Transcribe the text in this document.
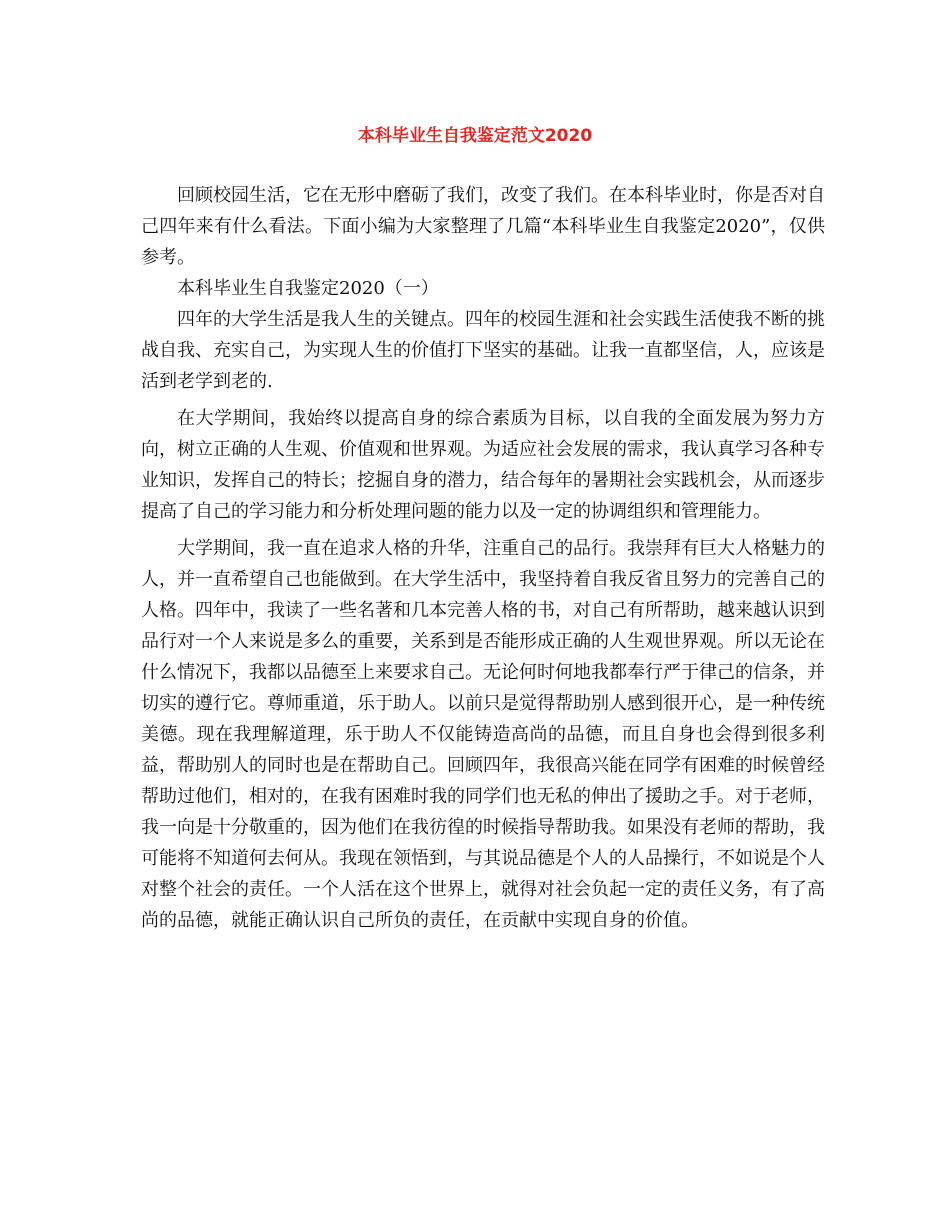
本科毕业生自我鉴定范文2020

回顾校园生活，它在无形中磨砺了我们，改变了我们。在本科毕业时，你是否对自己四年来有什么看法。下面小编为大家整理了几篇“本科毕业生自我鉴定2020”，仅供参考。

本科毕业生自我鉴定2020（一）

四年的大学生活是我人生的关键点。四年的校园生涯和社会实践生活使我不断的挑战自我、充实自己，为实现人生的价值打下坚实的基础。让我一直都坚信，人，应该是活到老学到老的.

在大学期间，我始终以提高自身的综合素质为目标，以自我的全面发展为努力方向，树立正确的人生观、价值观和世界观。为适应社会发展的需求，我认真学习各种专业知识，发挥自己的特长；挖掘自身的潜力，结合每年的暑期社会实践机会，从而逐步提高了自己的学习能力和分析处理问题的能力以及一定的协调组织和管理能力。

大学期间，我一直在追求人格的升华，注重自己的品行。我崇拜有巨大人格魅力的人，并一直希望自己也能做到。在大学生活中，我坚持着自我反省且努力的完善自己的人格。四年中，我读了一些名著和几本完善人格的书，对自己有所帮助，越来越认识到品行对一个人来说是多么的重要，关系到是否能形成正确的人生观世界观。所以无论在什么情况下，我都以品德至上来要求自己。无论何时何地我都奉行严于律己的信条，并切实的遵行它。尊师重道，乐于助人。以前只是觉得帮助别人感到很开心，是一种传统美德。现在我理解道理，乐于助人不仅能铸造高尚的品德，而且自身也会得到很多利益，帮助别人的同时也是在帮助自己。回顾四年，我很高兴能在同学有困难的时候曾经帮助过他们，相对的，在我有困难时我的同学们也无私的伸出了援助之手。对于老师，我一向是十分敬重的，因为他们在我彷徨的时候指导帮助我。如果没有老师的帮助，我可能将不知道何去何从。我现在领悟到，与其说品德是个人的人品操行，不如说是个人对整个社会的责任。一个人活在这个世界上，就得对社会负起一定的责任义务，有了高尚的品德，就能正确认识自己所负的责任，在贡献中实现自身的价值。
